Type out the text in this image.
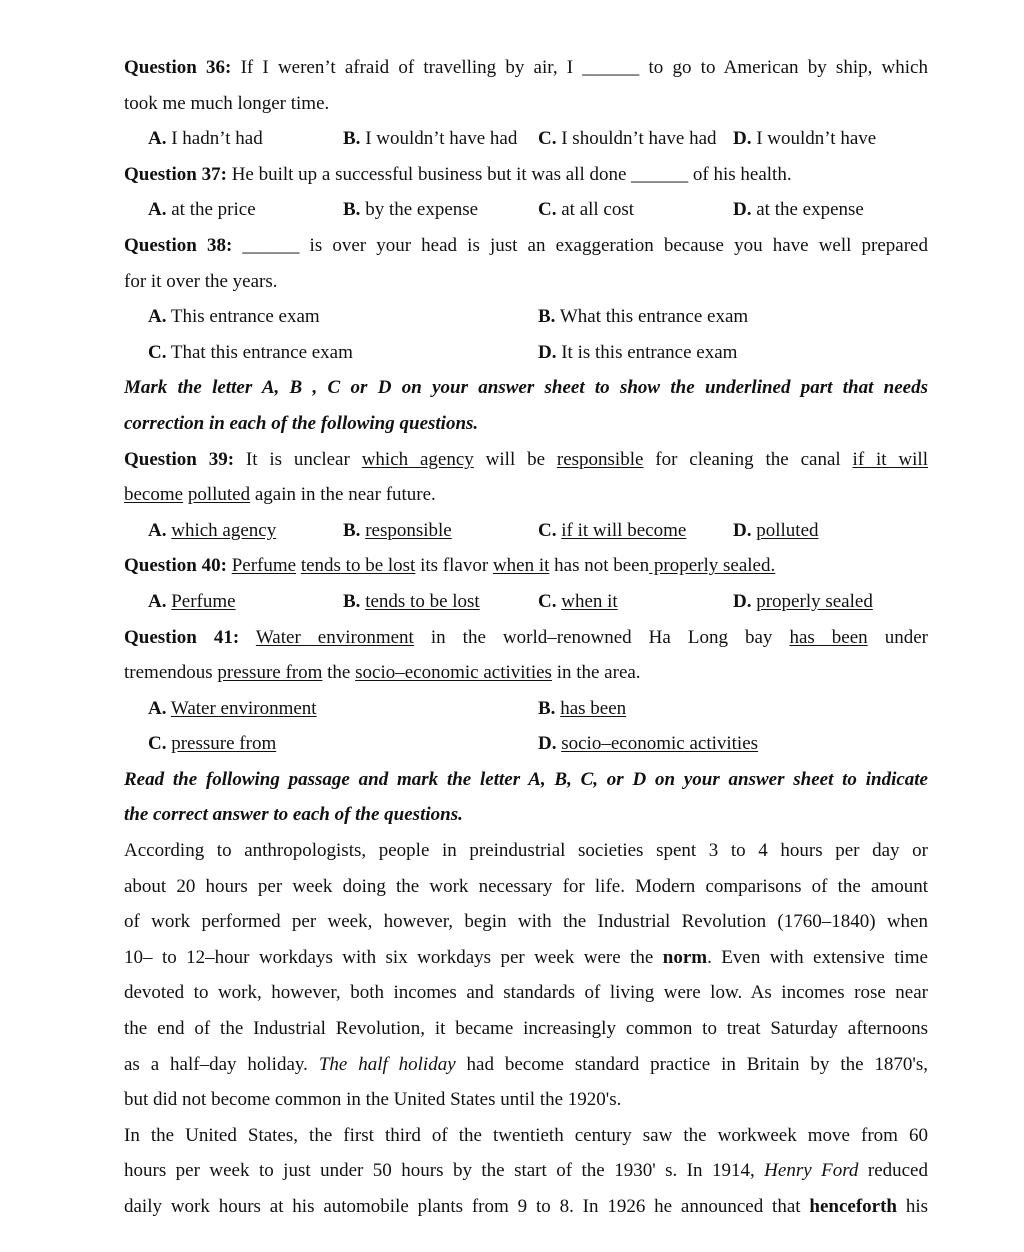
Question 36: If I weren’t afraid of travelling by air, I ______ to go to American by ship, which
took me much longer time.
A. I hadn’t had	B. I wouldn’t have had C. I shouldn’t have had D. I wouldn’t have
Question 37: He built up a successful business but it was all done ______ of his health.
A. at the price	B. by the expense	C. at all cost	D. at the expense
Question 38: ______ is over your head is just an exaggeration because you have well prepared
for it over the years.
A. This entrance exam	B. What this entrance exam
C. That this entrance exam	D. It is this entrance exam
Mark the letter A, B , C or D on your answer sheet to show the underlined part that needs
correction in each of the following questions.
Question 39: It is unclear which agency will be responsible for cleaning the canal if it will
become polluted again in the near future.
A. which agency	B. responsible	C. if it will become D. polluted
Question 40: Perfume tends to be lost its flavor when it has not been properly sealed.
A. Perfume	B. tends to be lost	C. when it	D. properly sealed
Question 41: Water environment in the world–renowned Ha Long bay has been under
tremendous pressure from the socio–economic activities in the area.
A. Water environment	B. has been
C. pressure from	D. socio–economic activities
Read the following passage and mark the letter A, B, C, or D on your answer sheet to indicate
the correct answer to each of the questions.
According to anthropologists, people in preindustrial societies spent 3 to 4 hours per day or
about 20 hours per week doing the work necessary for life. Modern comparisons of the amount
of work performed per week, however, begin with the Industrial Revolution (1760–1840) when
10– to 12–hour workdays with six workdays per week were the norm. Even with extensive time
devoted to work, however, both incomes and standards of living were low. As incomes rose near
the end of the Industrial Revolution, it became increasingly common to treat Saturday afternoons
as a half–day holiday. The half holiday had become standard practice in Britain by the 1870's,
but did not become common in the United States until the 1920's.
In the United States, the first third of the twentieth century saw the workweek move from 60
hours per week to just under 50 hours by the start of the 1930' s. In 1914, Henry Ford reduced
daily work hours at his automobile plants from 9 to 8. In 1926 he announced that henceforth his
